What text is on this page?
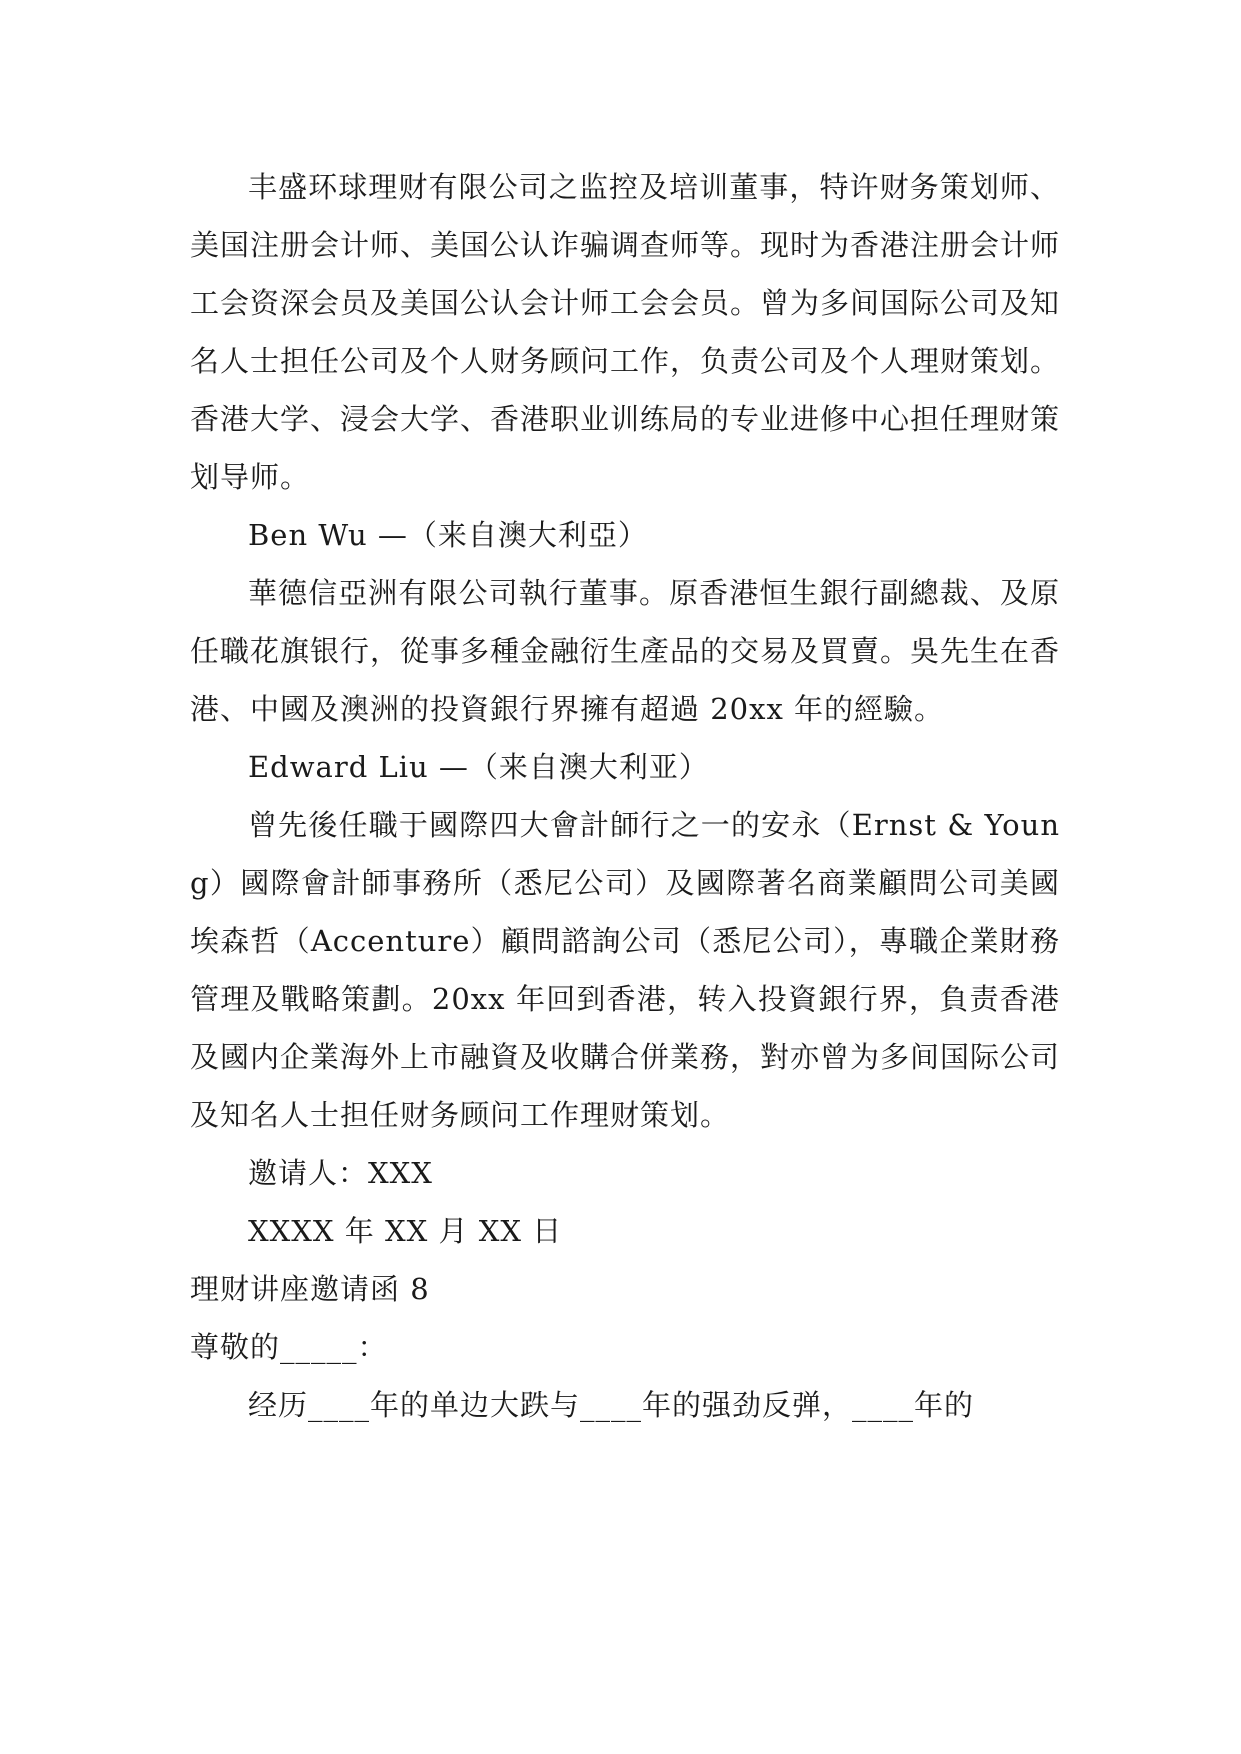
丰盛环球理财有限公司之监控及培训董事，特许财务策划师、美国注册会计师、美国公认诈骗调查师等。现时为香港注册会计师工会资深会员及美国公认会计师工会会员。曾为多间国际公司及知名人士担任公司及个人财务顾问工作，负责公司及个人理财策划。香港大学、浸会大学、香港职业训练局的专业进修中心担任理财策划导师。

Ben Wu —（来自澳大利亞）

華德信亞洲有限公司執行董事。原香港恒生銀行副總裁、及原任職花旗银行，從事多種金融衍生產品的交易及買賣。吳先生在香港、中國及澳洲的投資銀行界擁有超過 20xx 年的經驗。

Edward Liu —（来自澳大利亚）

曾先後任職于國際四大會計師行之一的安永（Ernst & Young）國際會計師事務所（悉尼公司）及國際著名商業顧問公司美國埃森哲（Accenture）顧問諮詢公司（悉尼公司），專職企業財務管理及戰略策劃。20xx 年回到香港，转入投資銀行界，負责香港及國内企業海外上市融資及收購合併業務，對亦曾为多间国际公司及知名人士担任财务顾问工作理财策划。

邀请人：XXX

XXXX 年 XX 月 XX 日

理财讲座邀请函 8

尊敬的_____：

经历____年的单边大跌与____年的强劲反弹，____年的
